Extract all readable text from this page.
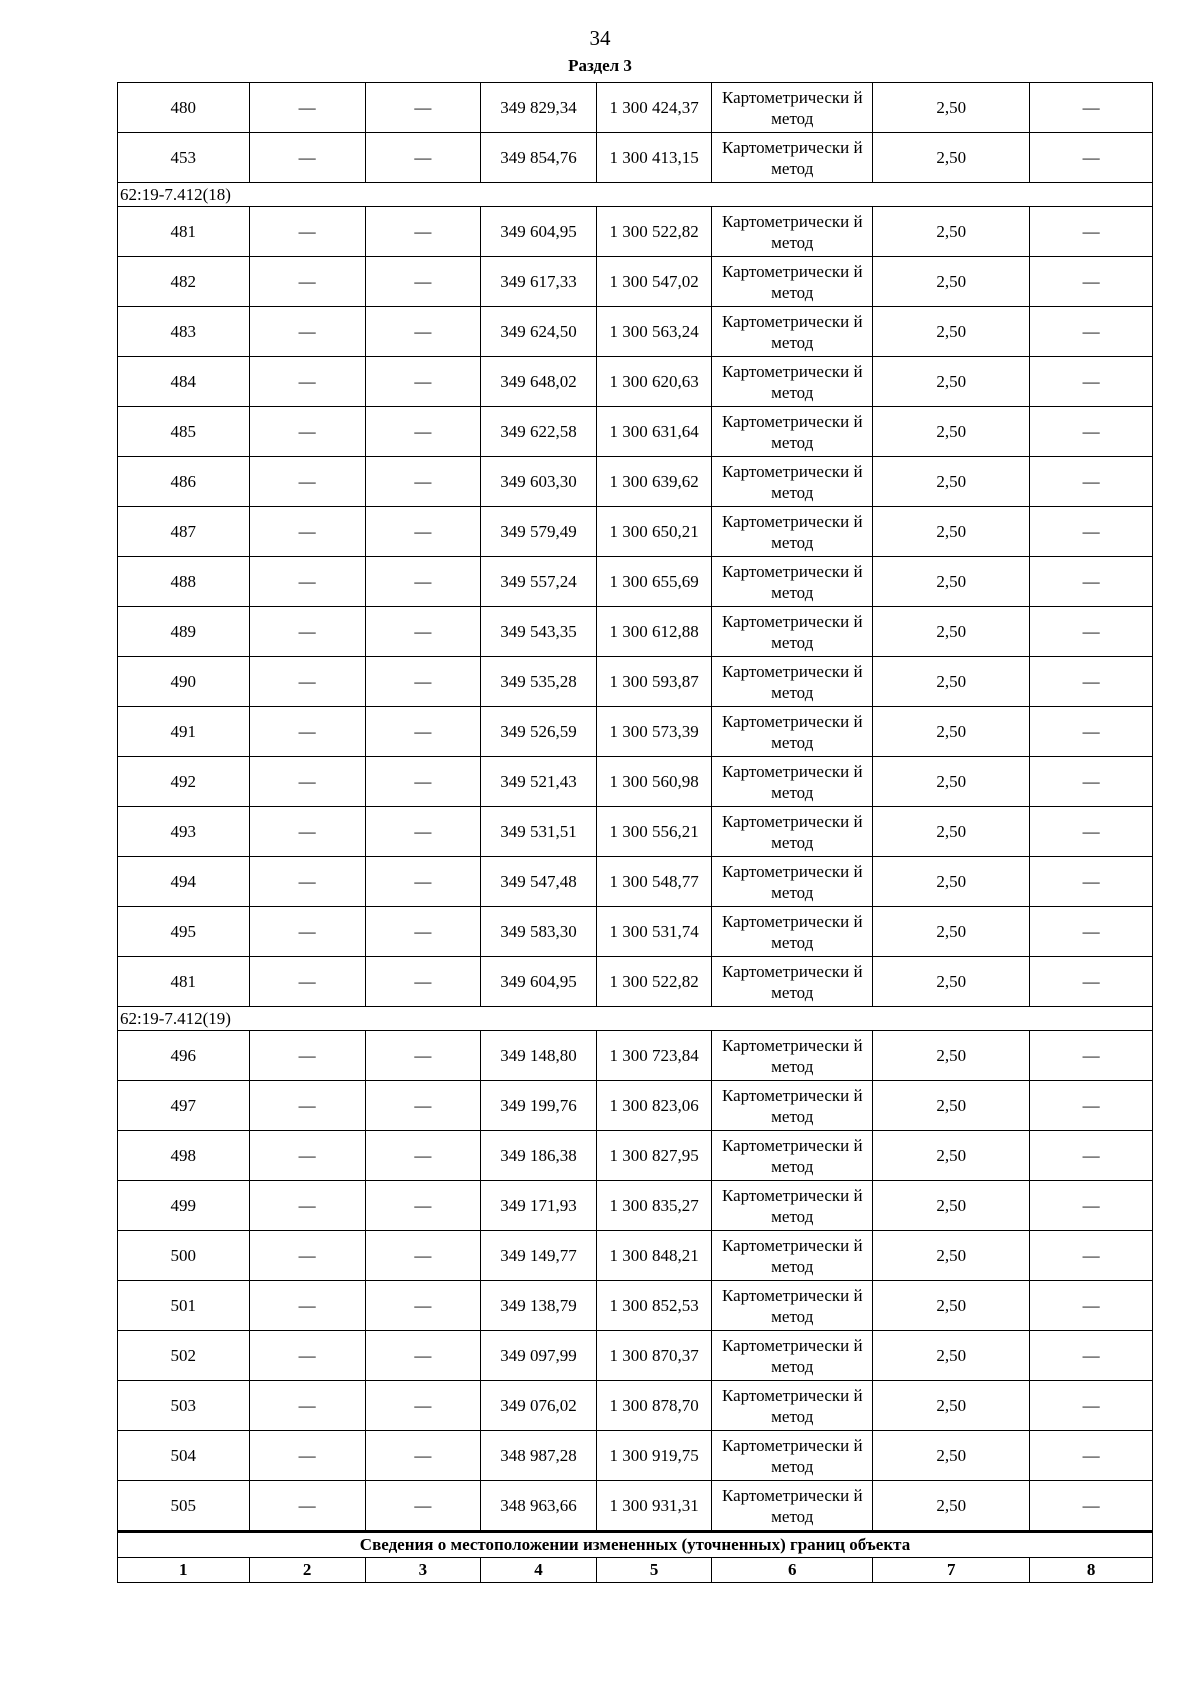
34
Раздел 3
480	—	—	349 829,34	1 300 424,37	Картометрически й метод	2,50	—
453	—	—	349 854,76	1 300 413,15	Картометрически й метод	2,50	—
62:19-7.412(18)							
481	—	—	349 604,95	1 300 522,82	Картометрически й метод	2,50	—
482	—	—	349 617,33	1 300 547,02	Картометрически й метод	2,50	—
483	—	—	349 624,50	1 300 563,24	Картометрически й метод	2,50	—
484	—	—	349 648,02	1 300 620,63	Картометрически й метод	2,50	—
485	—	—	349 622,58	1 300 631,64	Картометрически й метод	2,50	—
486	—	—	349 603,30	1 300 639,62	Картометрически й метод	2,50	—
487	—	—	349 579,49	1 300 650,21	Картометрически й метод	2,50	—
488	—	—	349 557,24	1 300 655,69	Картометрически й метод	2,50	—
489	—	—	349 543,35	1 300 612,88	Картометрически й метод	2,50	—
490	—	—	349 535,28	1 300 593,87	Картометрически й метод	2,50	—
491	—	—	349 526,59	1 300 573,39	Картометрически й метод	2,50	—
492	—	—	349 521,43	1 300 560,98	Картометрически й метод	2,50	—
493	—	—	349 531,51	1 300 556,21	Картометрически й метод	2,50	—
494	—	—	349 547,48	1 300 548,77	Картометрически й метод	2,50	—
495	—	—	349 583,30	1 300 531,74	Картометрически й метод	2,50	—
481	—	—	349 604,95	1 300 522,82	Картометрически й метод	2,50	—
62:19-7.412(19)							
496	—	—	349 148,80	1 300 723,84	Картометрически й метод	2,50	—
497	—	—	349 199,76	1 300 823,06	Картометрически й метод	2,50	—
498	—	—	349 186,38	1 300 827,95	Картометрически й метод	2,50	—
499	—	—	349 171,93	1 300 835,27	Картометрически й метод	2,50	—
500	—	—	349 149,77	1 300 848,21	Картометрически й метод	2,50	—
501	—	—	349 138,79	1 300 852,53	Картометрически й метод	2,50	—
502	—	—	349 097,99	1 300 870,37	Картометрически й метод	2,50	—
503	—	—	349 076,02	1 300 878,70	Картометрически й метод	2,50	—
504	—	—	348 987,28	1 300 919,75	Картометрически й метод	2,50	—
505	—	—	348 963,66	1 300 931,31	Картометрически й метод	2,50	—
Сведения о местоположении измененных (уточненных) границ объекта							
1	2	3	4	5	6	7	8
